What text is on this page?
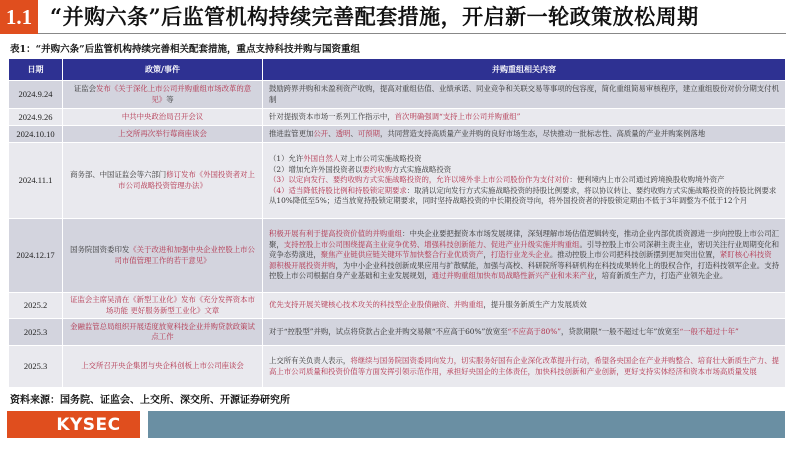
1.1 “并购六条”后监管机构持续完善配套措施，开启新一轮政策放松周期
表1：“并购六条”后监管机构持续完善相关配套措施，重点支持科技并购与国资重组
日期	政策/事件	并购重组相关内容
2024.9.24	证监会发布《关于深化上市公司并购重组市场改革的意见》等	鼓励跨界并购和未盈利资产收购，提高对重组估值、业绩承诺、同业竞争和关联交易等事项的包容度，简化重组简易审核程序，建立重组股份对价分期支付机制
2024.9.26	中共中央政治局召开会议	针对提振资本市场一系列工作指示中，首次明确强调“支持上市公司并购重组”
2024.10.10	上交所再次举行莓商座谈会	推进监管更加公开、透明、可预期，共同营造支持高质量产业并购的良好市场生态，尽快推动一批标志性、高质量的产业并购案例落地
2024.11.1	商务部、中国证监会等六部门修订发布《外国投资者对上市公司战略投资管理办法》	（1）允许外国自然人对上市公司实施战略投资
（2）增加允许外国投资者以要约收购方式实施战略投资
（3）以定向发行、要约收购方式实施战略投资的，允许以境外非上市公司股份作为支付对价：便利境内上市公司通过跨境换股收购境外资产
（4）适当降低持股比例和持股锁定期要求：取消以定向发行方式实施战略投资的持股比例要求，将以协议转让、要约收购方式实施战略投资的持股比例要求从10%降低至5%；适当放宽持股锁定期要求，同时坚持战略投资的中长期投资导向，将外国投资者的持股锁定期由不低于3年调整为不低于12个月

2024.12.17	国务院国资委印发《关于改进和加强中央企业控股上市公司市值管理工作的若干意见》	积极开展有利于提高投资价值的并购重组：中央企业要把握资本市场发展规律，深刻理解市场估值逻辑转变，推动企业内部优质资源进一步向控股上市公司汇聚，支持控股上市公司围绕提高主业竞争优势、增强科技创新能力、促进产业升级实施并购重组。引导控股上市公司深耕主责主业，密切关注行业周期变化和竞争态势演进，聚焦产业链供应链关键环节加快整合行业优质资产，打造行业龙头企业。推动控股上市公司把科技创新摆到更加突出位置，紧盯核心科技资源积极开展投资并购，为中小企业科技创新成果应用与扩散赋能，加强与高校、科研院所等科研机构在科技成果转化上的股权合作，打造科技领军企业。支持控股上市公司根据自身产业基础和主业发展规划，通过并购重组加快布局战略性新兴产业和未来产业，培育新质生产力，打造产业领先企业。
2025.2	证监会主席吴清在《新型工业化》发布《充分发挥资本市场功能 更好服务新型工业化》文章	优先支持开展关键核心技术攻关的科技型企业股债融资、并购重组，提升服务新质生产力发展质效
2025.3	金融监管总局组织开展适度放宽科技企业并购贷款政策试点工作	对于“控股型”并购，试点将贷款占企业并购交易额“不应高于60%”放宽至“不应高于80%”，贷款期限“一般不超过七年”放宽至“一般不超过十年”
2025.3	上交所召开央企集团与央企科创板上市公司座谈会	上交所有关负责人表示，将继续与国务院国资委同向发力，切实服务好国有企业深化改革提升行动，希望各央国企在产业并购整合、培育壮大新质生产力、提高上市公司质量和投资价值等方面发挥引领示范作用，承担好央国企的主体责任，加快科技创新和产业创新，更好支持实体经济和资本市场高质量发展
资料来源：国务院、证监会、上交所、深交所、开源证券研究所
KYSEC
